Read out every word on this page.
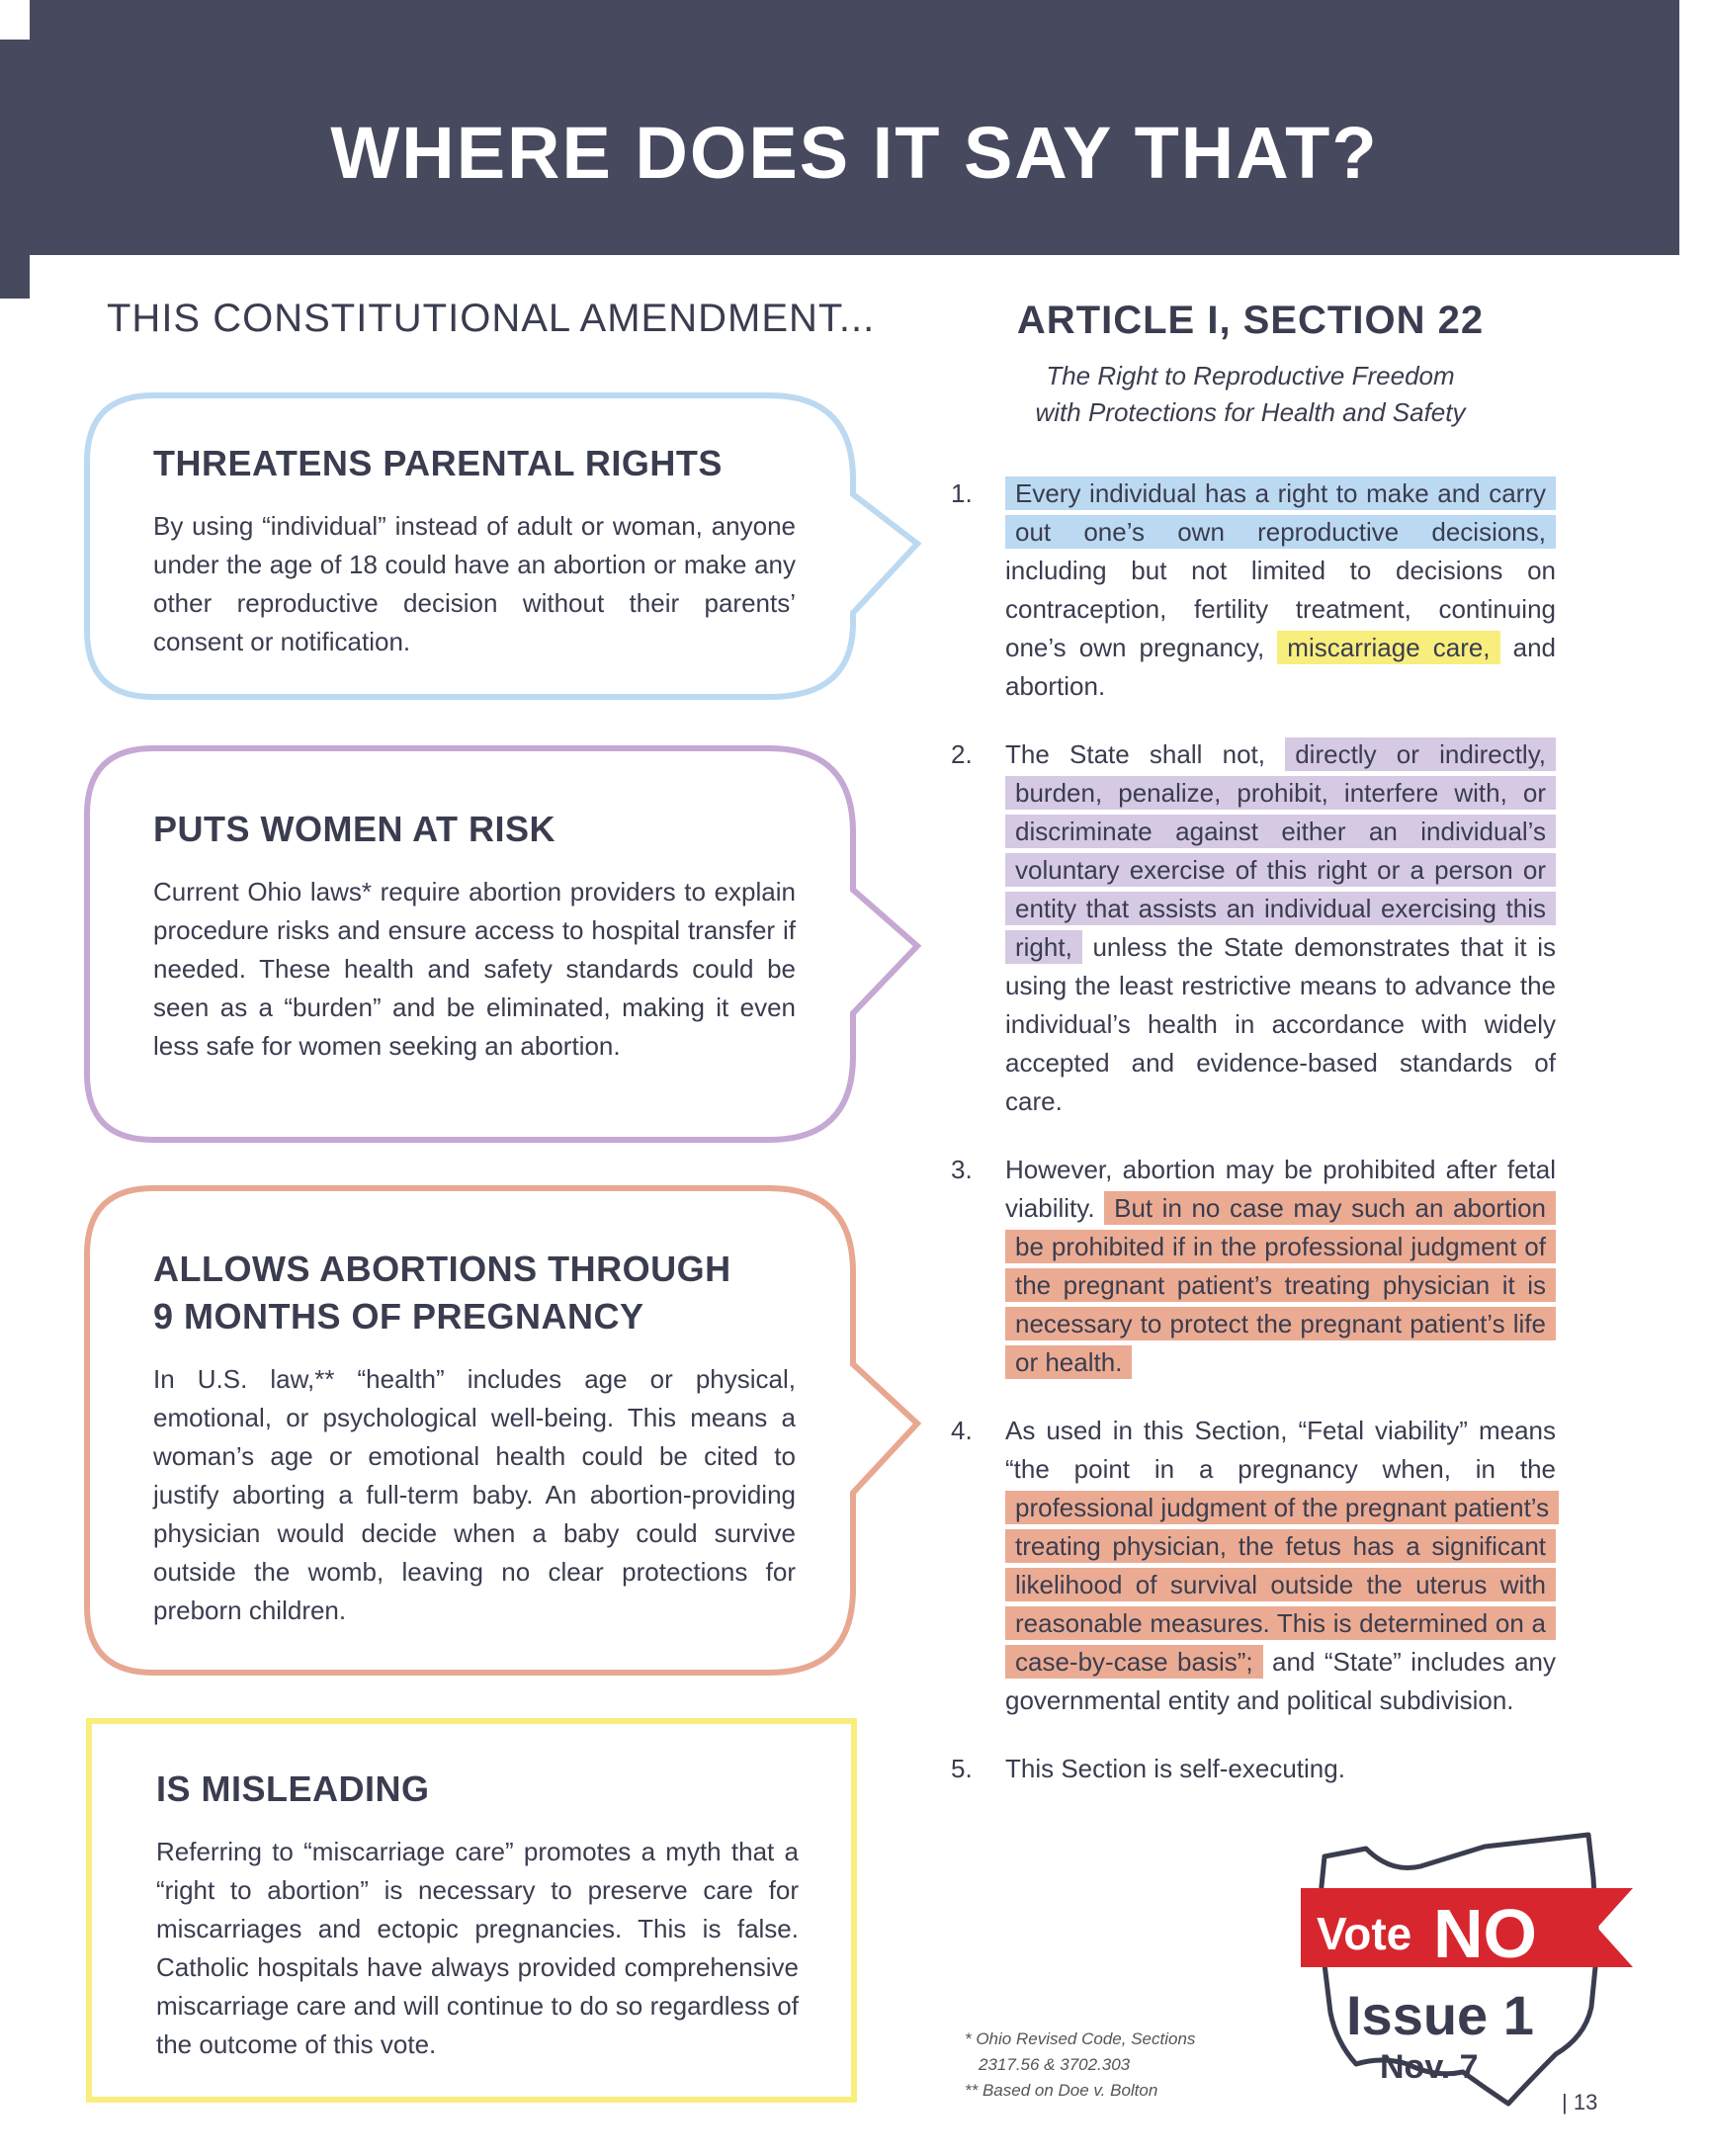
WHERE DOES IT SAY THAT?
THIS CONSTITUTIONAL AMENDMENT...	ARTICLE I, SECTION 22
The Right to Reproductive Freedom
with Protections for Health and Safety
THREATENS PARENTAL RIGHTS

By using “individual” instead of adult or woman, anyone under the age of 18 could have an abortion or make any other reproductive decision without their parents’ consent or notification.

PUTS WOMEN AT RISK

Current Ohio laws* require abortion providers to explain procedure risks and ensure access to hospital transfer if needed. These health and safety standards could be seen as a “burden” and be eliminated, making it even less safe for women seeking an abortion.

ALLOWS ABORTIONS THROUGH
9 MONTHS OF PREGNANCY

In U.S. law,** “health” includes age or physical, emotional, or psychological well-being. This means a woman’s age or emotional health could be cited to justify aborting a full-term baby. An abortion-providing physician would decide when a baby could survive outside the womb, leaving no clear protections for preborn children.

IS MISLEADING

Referring to “miscarriage care” promotes a myth that a “right to abortion” is necessary to preserve care for miscarriages and ectopic pregnancies. This is false. Catholic hospitals have always provided comprehensive miscarriage care and will continue to do so regardless of the outcome of this vote.

1. Every individual has a right to make and carry out one’s own reproductive decisions, including but not limited to decisions on contraception, fertility treatment, continuing one’s own pregnancy, miscarriage care, and abortion.
2. The State shall not, directly or indirectly, burden, penalize, prohibit, interfere with, or discriminate against either an individual’s voluntary exercise of this right or a person or entity that assists an individual exercising this right, unless the State demonstrates that it is using the least restrictive means to advance the individual’s health in accordance with widely accepted and evidence-based standards of care.
3. However, abortion may be prohibited after fetal viability. But in no case may such an abortion be prohibited if in the professional judgment of the pregnant patient’s treating physician it is necessary to protect the pregnant patient’s life or health.
4. As used in this Section, “Fetal viability” means “the point in a pregnancy when, in the professional judgment of the pregnant patient’s treating physician, the fetus has a significant likelihood of survival outside the uterus with reasonable measures. This is determined on a case-by-case basis”; and “State” includes any governmental entity and political subdivision.
5. This Section is self-executing.
* Ohio Revised Code, Sections
2317.56 & 3702.303
** Based on Doe v. Bolton
Vote NO
Issue 1
Nov. 7
| 13
